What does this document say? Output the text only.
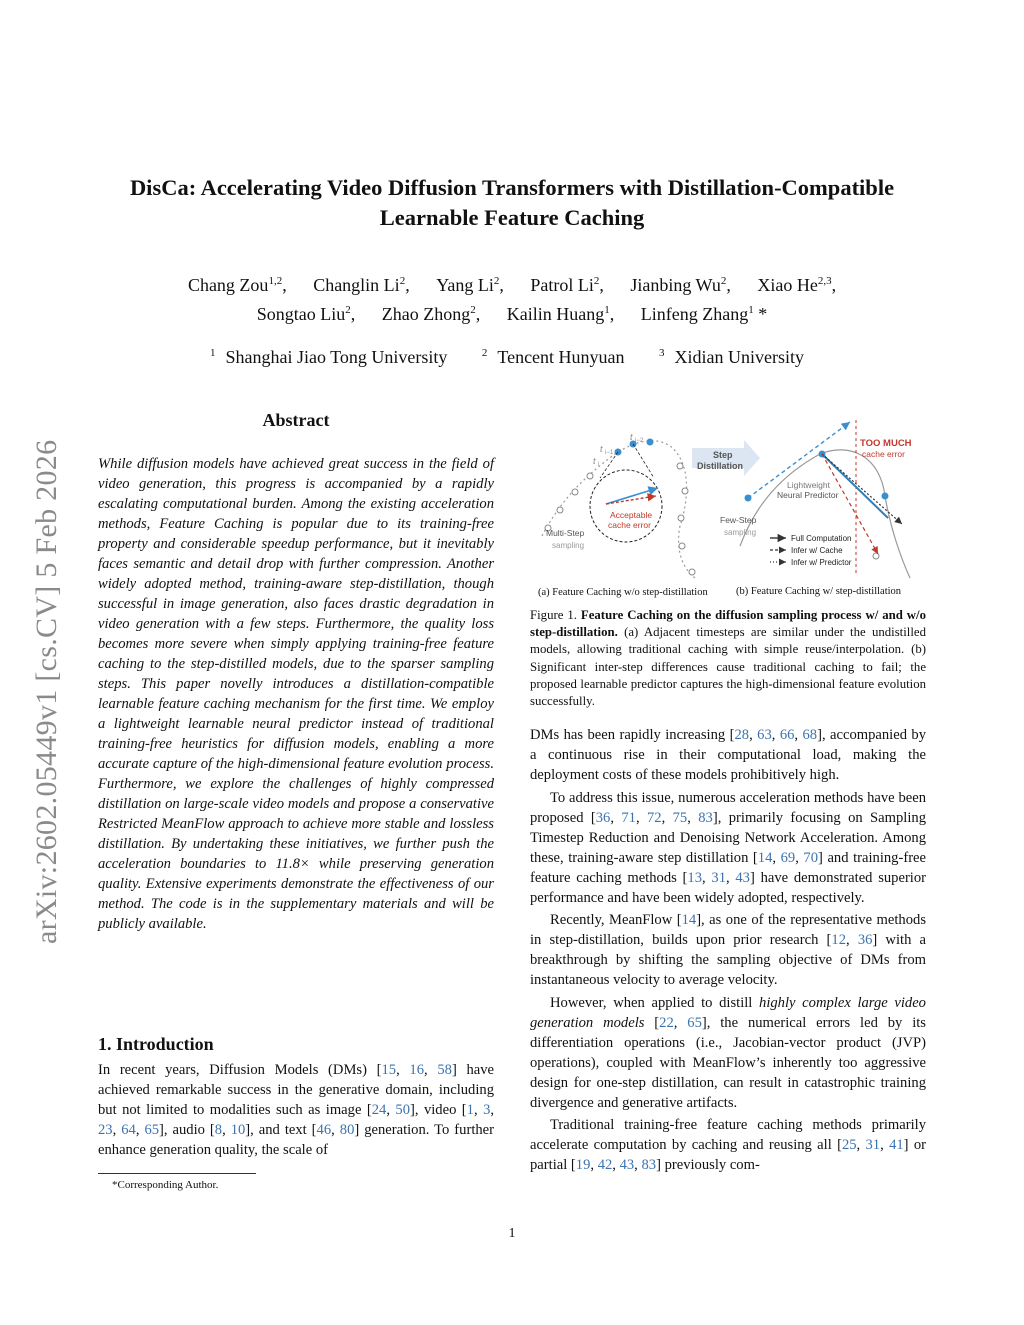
arXiv:2602.05449v1 [cs.CV] 5 Feb 2026
DisCa: Accelerating Video Diffusion Transformers with Distillation-Compatible
Learnable Feature Caching
Chang Zou$^{1,2}$, Changlin Li$^2$, Yang Li$^2$, Patrol Li$^2$, Jianbing Wu$^2$, Xiao He$^{2,3}$,
Songtao Liu$^2$, Zhao Zhong$^2$, Kailin Huang$^1$, Linfeng Zhang$^1$ *
$^1$ Shanghai Jiao Tong University	$^2$ Tencent Hunyuan	$^3$ Xidian University
Abstract
While diffusion models have achieved great success in the field of video generation, this progress is accompanied by a rapidly escalating computational burden. Among the existing acceleration methods, Feature Caching is popular due to its training-free property and considerable speedup performance, but it inevitably faces semantic and detail drop with further compression. Another widely adopted method, training-aware step-distillation, though successful in image generation, also faces drastic degradation in video generation with a few steps. Furthermore, the quality loss becomes more severe when simply applying training-free feature caching to the step-distilled models, due to the sparser sampling steps. This paper novelly introduces a distillation-compatible learnable feature caching mechanism for the first time. We employ a lightweight learnable neural predictor instead of traditional training-free heuristics for diffusion models, enabling a more accurate capture of the high-dimensional feature evolution process. Furthermore, we explore the challenges of highly compressed distillation on large-scale video models and propose a conservative Restricted MeanFlow approach to achieve more stable and lossless distillation. By undertaking these initiatives, we further push the acceleration boundaries to 11.8× while preserving generation quality. Extensive experiments demonstrate the effectiveness of our method. The code is in the supplementary materials and will be publicly available.
1. Introduction
In recent years, Diffusion Models (DMs) [15, 16, 58] have achieved remarkable success in the generative domain, including but not limited to modalities such as image [24, 50], video [1, 3, 23, 64, 65], audio [8, 10], and text [46, 80] generation. To further enhance generation quality, the scale of
*Corresponding Author.
t i−1
t i
t i−2
Acceptable
cache error
Multi-Step
sampling
Step
Distillation
TOO MUCH
cache error
Lightweight
Neural Predictor
Few-Step
sampling
Full Computation
Infer w/ Cache
Infer w/ Predictor
(a) Feature Caching w/o step-distillation	(b) Feature Caching w/ step-distillation
Figure 1. Feature Caching on the diffusion sampling process w/ and w/o step-distillation. (a) Adjacent timesteps are similar under the undistilled models, allowing traditional caching with simple reuse/interpolation. (b) Significant inter-step differences cause traditional caching to fail; the proposed learnable predictor captures the high-dimensional feature evolution successfully.

DMs has been rapidly increasing [28, 63, 66, 68], accompanied by a continuous rise in their computational load, making the deployment costs of these models prohibitively high.

To address this issue, numerous acceleration methods have been proposed [36, 71, 72, 75, 83], primarily focusing on Sampling Timestep Reduction and Denoising Network Acceleration. Among these, training-aware step distillation [14, 69, 70] and training-free feature caching methods [13, 31, 43] have demonstrated superior performance and have been widely adopted, respectively.

Recently, MeanFlow [14], as one of the representative methods in step-distillation, builds upon prior research [12, 36] with a breakthrough by shifting the sampling objective of DMs from instantaneous velocity to average velocity.

However, when applied to distill highly complex large video generation models [22, 65], the numerical errors led by its differentiation operations (i.e., Jacobian-vector product (JVP) operations), coupled with MeanFlow’s inherently too aggressive design for one-step distillation, can result in catastrophic training divergence and generative artifacts.

Traditional training-free feature caching methods primarily accelerate computation by caching and reusing all [25, 31, 41] or partial [19, 42, 43, 83] previously com-

1
